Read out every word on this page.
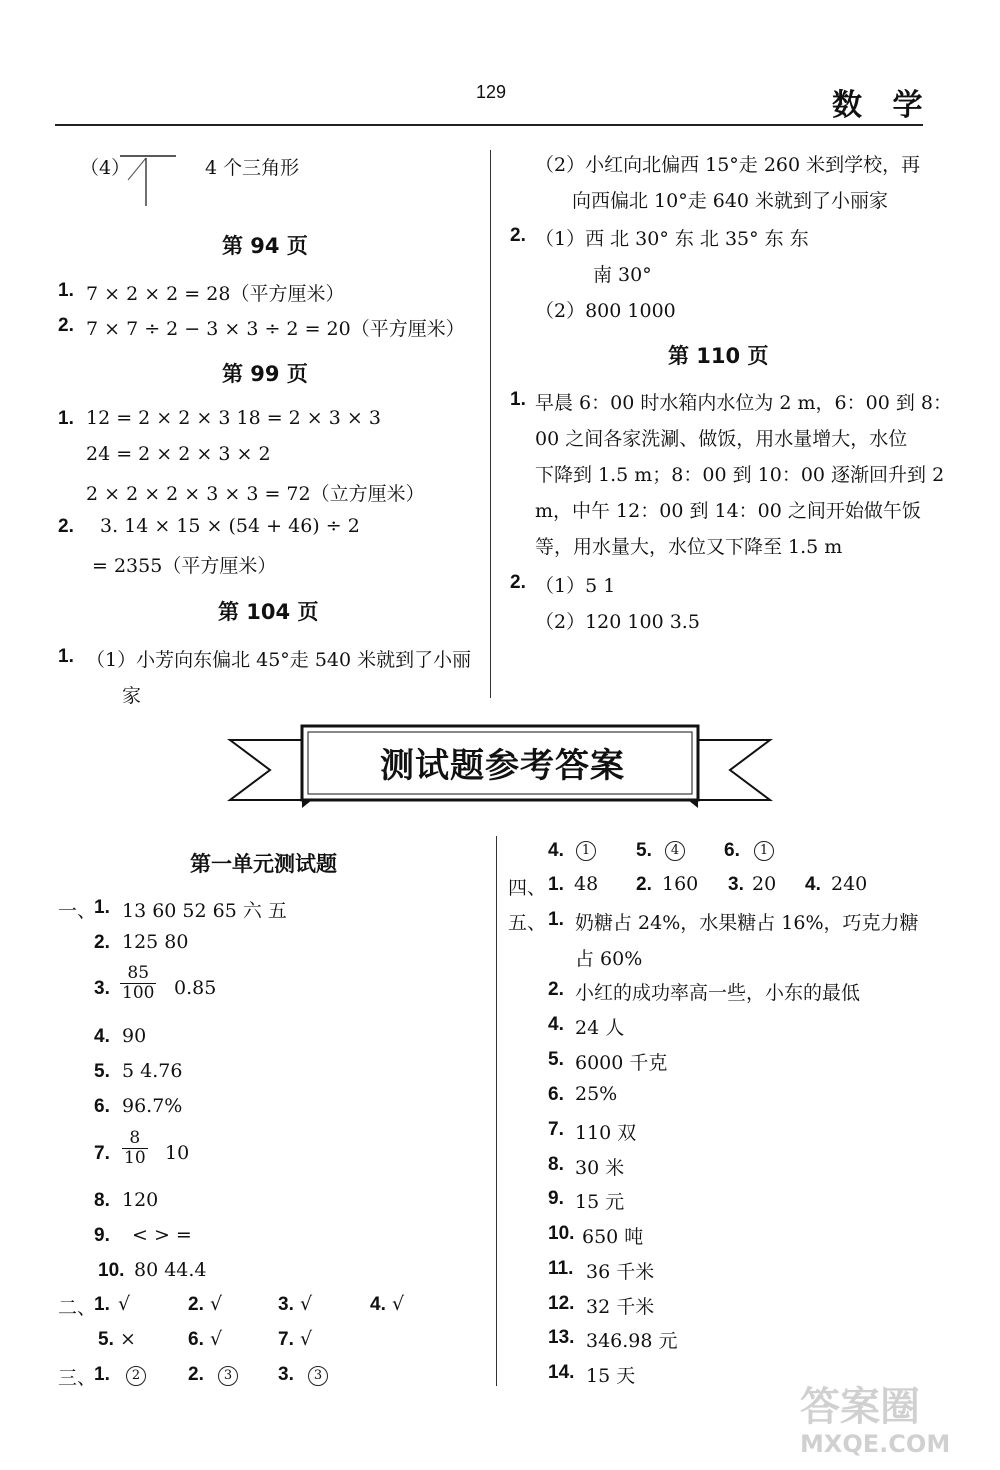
129	数 学
（4）	4 个三角形
第 94 页
1. 7 × 2 × 2 = 28（平方厘米）
2. 7 × 7 ÷ 2 − 3 × 3 ÷ 2 = 20（平方厘米）
第 99 页
1. 12 = 2 × 2 × 3 18 = 2 × 3 × 3
24 = 2 × 2 × 3 × 2
2 × 2 × 2 × 3 × 3 = 72（立方厘米）
2. 3. 14 × 15 × (54 + 46) ÷ 2
= 2355（平方厘米）
第 104 页
1. （1）小芳向东偏北 45°走 540 米就到了小丽
家
（2）小红向北偏西 15°走 260 米到学校，再
向西偏北 10°走 640 米就到了小丽家
2. （1）西 北 30° 东 北 35° 东 东
南 30°
（2）800 1000
第 110 页
1. 早晨 6：00 时水箱内水位为 2 m，6：00 到 8：
00 之间各家洗涮、做饭，用水量增大，水位
下降到 1.5 m；8：00 到 10：00 逐渐回升到 2
m，中午 12：00 到 14：00 之间开始做午饭
等，用水量大，水位又下降至 1.5 m
2. （1）5 1
（2）120 100 3.5
测试题参考答案
第一单元测试题
一、
1. 13 60 52 65 六 五
2. 125 80
3. $\frac{85}{100} 0.85$
4. 90
5. 5 4.76
6. 96.7%
7. $\frac{8}{10} 10$
8. 120
9. < > =
10. 80 44.4
二、
1. √	2. √	3. √	4. √
5. ×	6. √	7. √
三、
1.	2	2.	3	3.	3
4.	1	5.	4	6.	1
四、 1. 48 2. 160 3. 20 4. 240
五、 1. 奶糖占 24%，水果糖占 16%，巧克力糖
占 60%
2. 小红的成功率高一些，小东的最低
4. 24 人
5. 6000 千克
6. 25%
7. 110 双
8. 30 米
9. 15 元
10. 650 吨
11. 36 千米
12. 32 千米
13. 346.98 元
14. 15 天
答案圈
MXQE.COM
